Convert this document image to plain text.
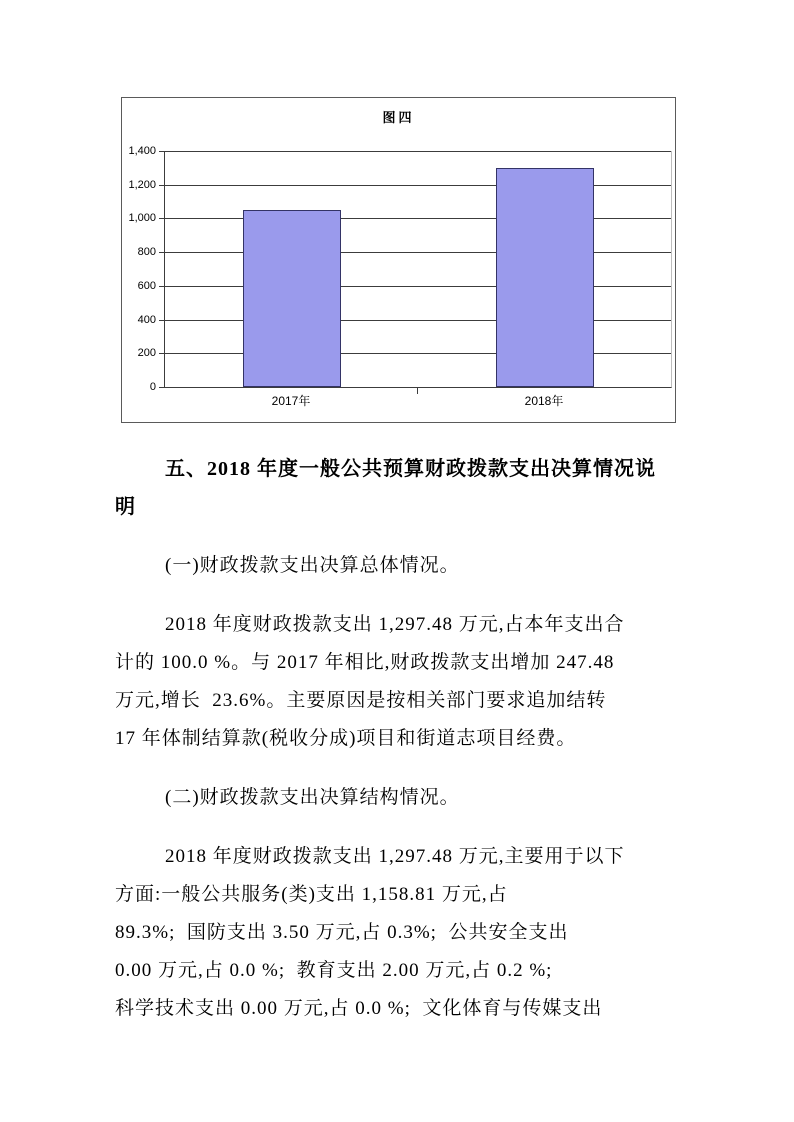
图四
1,400
1,200
1,000
800
600
400
200
0
2017年	2018年
五、2018 年度一般公共预算财政拨款支出决算情况说
明
(一)财政拨款支出决算总体情况。
2018 年度财政拨款支出 1,297.48 万元,占本年支出合
计的 100.0 %。与 2017 年相比,财政拨款支出增加 247.48
万元,增长  23.6%。主要原因是按相关部门要求追加结转
17 年体制结算款(税收分成)项目和街道志项目经费。
(二)财政拨款支出决算结构情况。
2018 年度财政拨款支出 1,297.48 万元,主要用于以下
方面:一般公共服务(类)支出 1,158.81 万元,占
89.3%;  国防支出 3.50 万元,占 0.3%;  公共安全支出
0.00 万元,占 0.0 %;  教育支出 2.00 万元,占 0.2 %;
科学技术支出 0.00 万元,占 0.0 %;  文化体育与传媒支出
